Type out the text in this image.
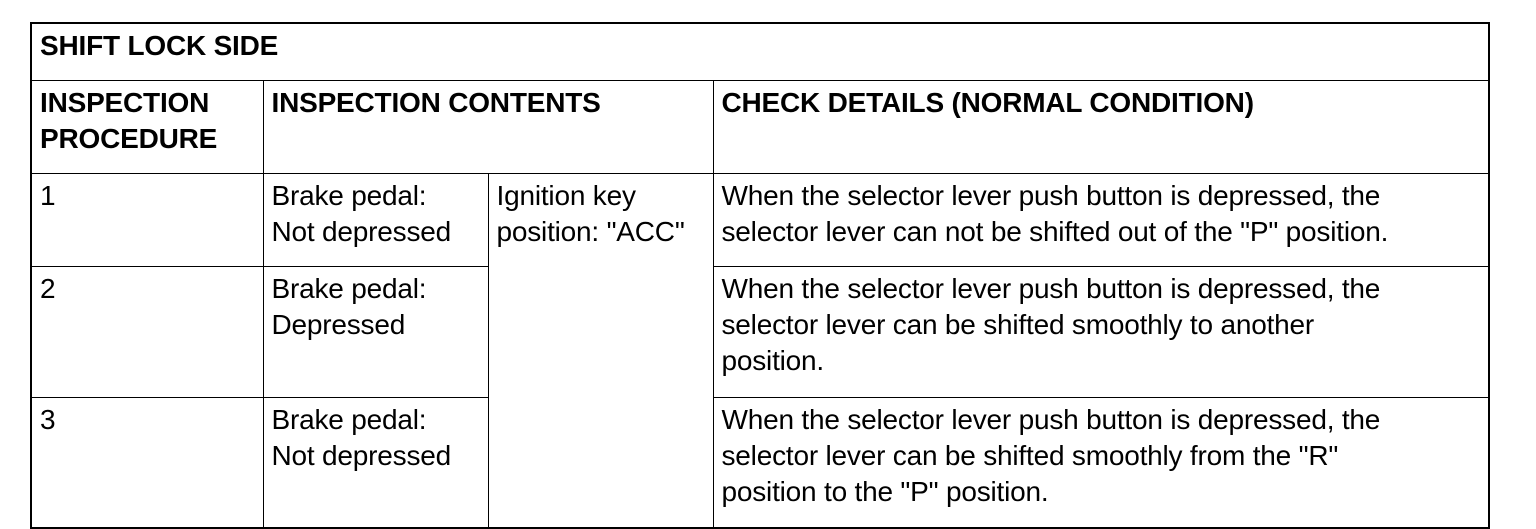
SHIFT LOCK SIDE			

INSPECTION
PROCEDURE	INSPECTION CONTENTS		CHECK DETAILS (NORMAL CONDITION)
1	Brake pedal:
Not depressed	Ignition key
position: "ACC"	When the selector lever push button is depressed, the
selector lever can not be shifted out of the "P" position.

2	Brake pedal:
Depressed		When the selector lever push button is depressed, the
selector lever can be shifted smoothly to another
position.

3	Brake pedal:
Not depressed		When the selector lever push button is depressed, the
selector lever can be shifted smoothly from the "R"
position to the "P" position.
